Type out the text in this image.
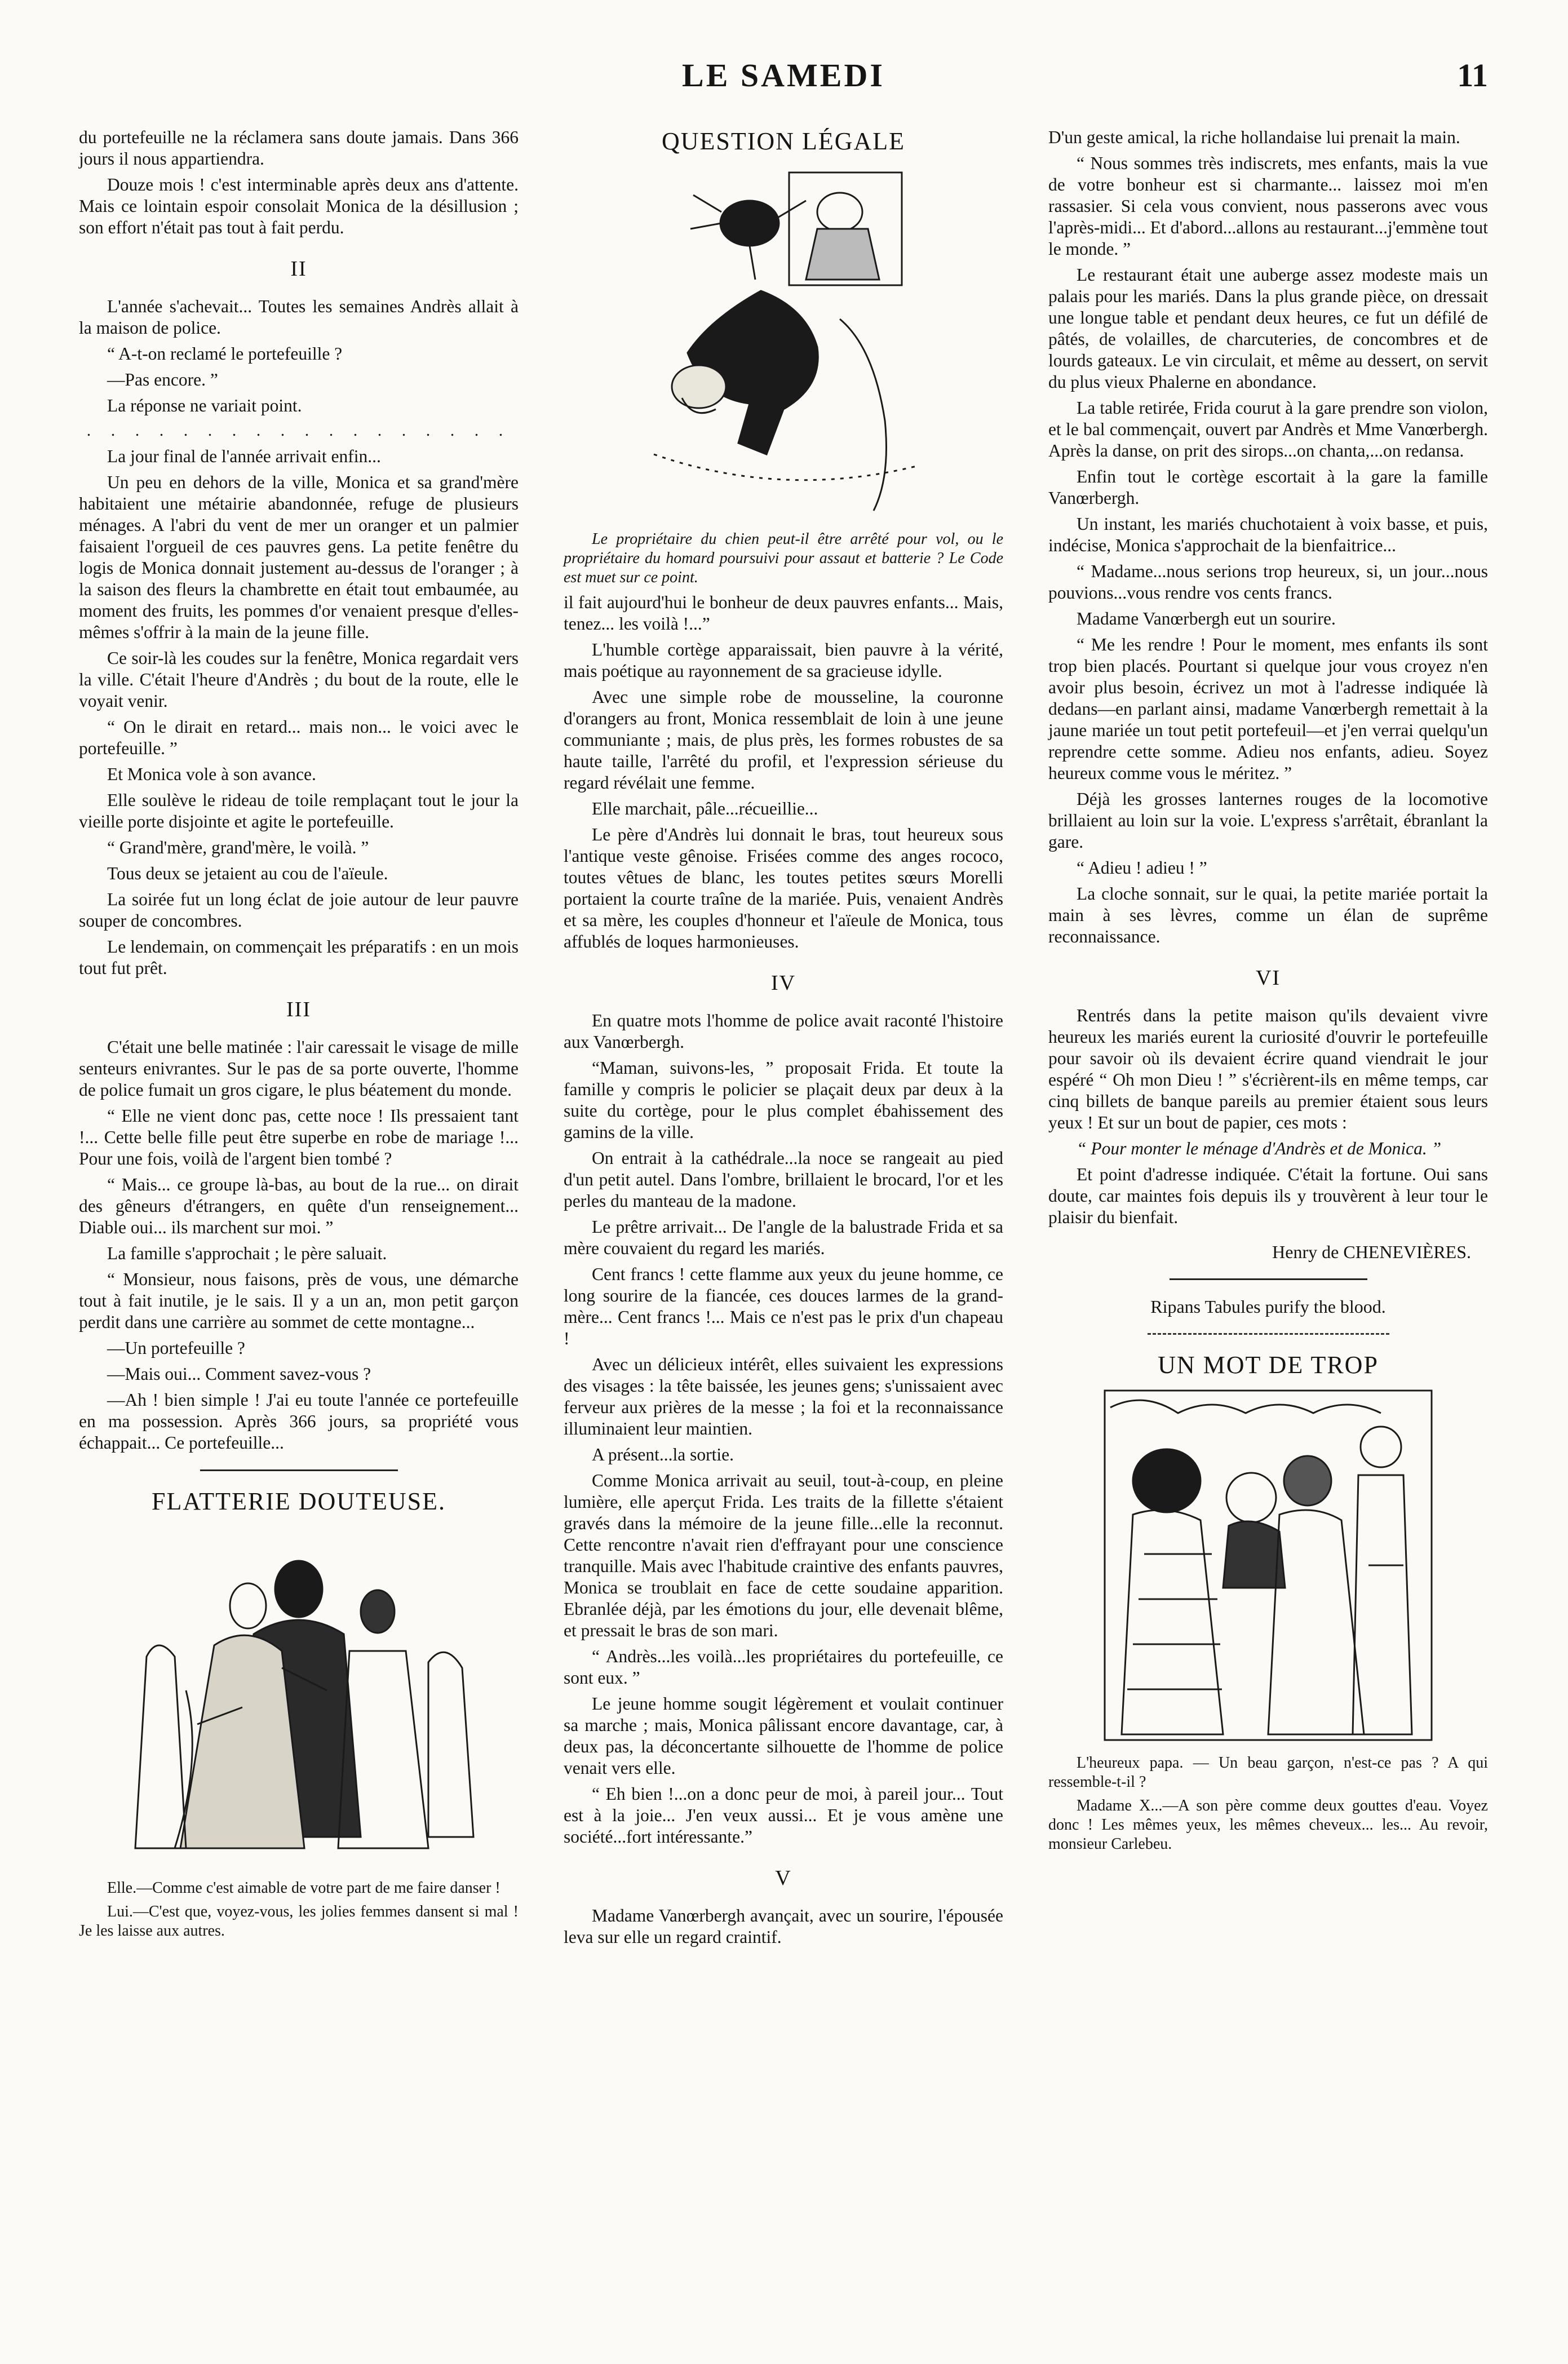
LE SAMEDI	11

du portefeuille ne la réclamera sans doute jamais. Dans 366 jours il nous appartiendra.

Douze mois ! c'est interminable après deux ans d'attente. Mais ce lointain espoir consolait Monica de la désillusion ; son effort n'était pas tout à fait perdu.

II

L'année s'achevait... Toutes les semaines Andrès allait à la maison de police.

“ A-t-on reclamé le portefeuille ?

—Pas encore. ”

La réponse ne variait point.

. . . . . . . . . . . . . . . . . .

La jour final de l'année arrivait enfin...

Un peu en dehors de la ville, Monica et sa grand'mère habitaient une métairie abandonnée, refuge de plusieurs ménages. A l'abri du vent de mer un oranger et un palmier faisaient l'orgueil de ces pauvres gens. La petite fenêtre du logis de Monica donnait justement au-dessus de l'oranger ; à la saison des fleurs la chambrette en était tout embaumée, au moment des fruits, les pommes d'or venaient presque d'elles-mêmes s'offrir à la main de la jeune fille.

Ce soir-là les coudes sur la fenêtre, Monica regardait vers la ville. C'était l'heure d'Andrès ; du bout de la route, elle le voyait venir.

“ On le dirait en retard... mais non... le voici avec le portefeuille. ”

Et Monica vole à son avance.

Elle soulève le rideau de toile remplaçant tout le jour la vieille porte disjointe et agite le portefeuille.

“ Grand'mère, grand'mère, le voilà. ”

Tous deux se jetaient au cou de l'aïeule.

La soirée fut un long éclat de joie autour de leur pauvre souper de concombres.

Le lendemain, on commençait les préparatifs : en un mois tout fut prêt.

III

C'était une belle matinée : l'air caressait le visage de mille senteurs enivrantes. Sur le pas de sa porte ouverte, l'homme de police fumait un gros cigare, le plus béatement du monde.

“ Elle ne vient donc pas, cette noce ! Ils pressaient tant !... Cette belle fille peut être superbe en robe de mariage !... Pour une fois, voilà de l'argent bien tombé ?

“ Mais... ce groupe là-bas, au bout de la rue... on dirait des gêneurs d'étrangers, en quête d'un renseignement... Diable oui... ils marchent sur moi. ”

La famille s'approchait ; le père saluait.

“ Monsieur, nous faisons, près de vous, une démarche tout à fait inutile, je le sais. Il y a un an, mon petit garçon perdit dans une carrière au sommet de cette montagne...

—Un portefeuille ?

—Mais oui... Comment savez-vous ?

—Ah ! bien simple ! J'ai eu toute l'année ce portefeuille en ma possession. Après 366 jours, sa propriété vous échappait... Ce portefeuille...

FLATTERIE DOUTEUSE.

Elle.—Comme c'est aimable de votre part de me faire danser !

Lui.—C'est que, voyez-vous, les jolies femmes dansent si mal ! Je les laisse aux autres.

QUESTION LÉGALE

Le propriétaire du chien peut-il être arrêté pour vol, ou le propriétaire du homard poursuivi pour assaut et batterie ? Le Code est muet sur ce point.

il fait aujourd'hui le bonheur de deux pauvres enfants... Mais, tenez... les voilà !...”

L'humble cortège apparaissait, bien pauvre à la vérité, mais poétique au rayonnement de sa gracieuse idylle.

Avec une simple robe de mousseline, la couronne d'orangers au front, Monica ressemblait de loin à une jeune communiante ; mais, de plus près, les formes robustes de sa haute taille, l'arrêté du profil, et l'expression sérieuse du regard révélait une femme.

Elle marchait, pâle...récueillie...

Le père d'Andrès lui donnait le bras, tout heureux sous l'antique veste gênoise. Frisées comme des anges rococo, toutes vêtues de blanc, les toutes petites sœurs Morelli portaient la courte traîne de la mariée. Puis, venaient Andrès et sa mère, les couples d'honneur et l'aïeule de Monica, tous affublés de loques harmonieuses.

IV

En quatre mots l'homme de police avait raconté l'histoire aux Vanœrbergh.

“Maman, suivons-les, ” proposait Frida. Et toute la famille y compris le policier se plaçait deux par deux à la suite du cortège, pour le plus complet ébahissement des gamins de la ville.

On entrait à la cathédrale...la noce se rangeait au pied d'un petit autel. Dans l'ombre, brillaient le brocard, l'or et les perles du manteau de la madone.

Le prêtre arrivait... De l'angle de la balustrade Frida et sa mère couvaient du regard les mariés.

Cent francs ! cette flamme aux yeux du jeune homme, ce long sourire de la fiancée, ces douces larmes de la grand-mère... Cent francs !... Mais ce n'est pas le prix d'un chapeau !

Avec un délicieux intérêt, elles suivaient les expressions des visages : la tête baissée, les jeunes gens; s'unissaient avec ferveur aux prières de la messe ; la foi et la reconnaissance illuminaient leur maintien.

A présent...la sortie.

Comme Monica arrivait au seuil, tout-à-coup, en pleine lumière, elle aperçut Frida. Les traits de la fillette s'étaient gravés dans la mémoire de la jeune fille...elle la reconnut. Cette rencontre n'avait rien d'effrayant pour une conscience tranquille. Mais avec l'habitude craintive des enfants pauvres, Monica se troublait en face de cette soudaine apparition. Ebranlée déjà, par les émotions du jour, elle devenait blême, et pressait le bras de son mari.

“ Andrès...les voilà...les propriétaires du portefeuille, ce sont eux. ”

Le jeune homme sougit légèrement et voulait continuer sa marche ; mais, Monica pâlissant encore davantage, car, à deux pas, la déconcertante silhouette de l'homme de police venait vers elle.

“ Eh bien !...on a donc peur de moi, à pareil jour... Tout est à la joie... J'en veux aussi... Et je vous amène une société...fort intéressante.”

V

Madame Vanœrbergh avançait, avec un sourire, l'épousée leva sur elle un regard craintif.

D'un geste amical, la riche hollandaise lui prenait la main.

“ Nous sommes très indiscrets, mes enfants, mais la vue de votre bonheur est si charmante... laissez moi m'en rassasier. Si cela vous convient, nous passerons avec vous l'après-midi... Et d'abord...allons au restaurant...j'emmène tout le monde. ”

Le restaurant était une auberge assez modeste mais un palais pour les mariés. Dans la plus grande pièce, on dressait une longue table et pendant deux heures, ce fut un défilé de pâtés, de volailles, de charcuteries, de concombres et de lourds gateaux. Le vin circulait, et même au dessert, on servit du plus vieux Phalerne en abondance.

La table retirée, Frida courut à la gare prendre son violon, et le bal commençait, ouvert par Andrès et Mme Vanœrbergh. Après la danse, on prit des sirops...on chanta,...on redansa.

Enfin tout le cortège escortait à la gare la famille Vanœrbergh.

Un instant, les mariés chuchotaient à voix basse, et puis, indécise, Monica s'approchait de la bienfaitrice...

“ Madame...nous serions trop heureux, si, un jour...nous pouvions...vous rendre vos cents francs.

Madame Vanœrbergh eut un sourire.

“ Me les rendre ! Pour le moment, mes enfants ils sont trop bien placés. Pourtant si quelque jour vous croyez n'en avoir plus besoin, écrivez un mot à l'adresse indiquée là dedans—en parlant ainsi, madame Vanœrbergh remettait à la jaune mariée un tout petit portefeuil—et j'en verrai quelqu'un reprendre cette somme. Adieu nos enfants, adieu. Soyez heureux comme vous le méritez. ”

Déjà les grosses lanternes rouges de la locomotive brillaient au loin sur la voie. L'express s'arrêtait, ébranlant la gare.

“ Adieu ! adieu ! ”

La cloche sonnait, sur le quai, la petite mariée portait la main à ses lèvres, comme un élan de suprême reconnaissance.

VI

Rentrés dans la petite maison qu'ils devaient vivre heureux les mariés eurent la curiosité d'ouvrir le portefeuille pour savoir où ils devaient écrire quand viendrait le jour espéré “ Oh mon Dieu ! ” s'écrièrent-ils en même temps, car cinq billets de banque pareils au premier étaient sous leurs yeux ! Et sur un bout de papier, ces mots :

“ Pour monter le ménage d'Andrès et de Monica. ”

Et point d'adresse indiquée. C'était la fortune. Oui sans doute, car maintes fois depuis ils y trouvèrent à leur tour le plaisir du bienfait.

Henry de CHENEVIÈRES.

Ripans Tabules purify the blood.

UN MOT DE TROP

L'heureux papa. — Un beau garçon, n'est-ce pas ? A qui ressemble-t-il ?

Madame X...—A son père comme deux gouttes d'eau. Voyez donc ! Les mêmes yeux, les mêmes cheveux... les... Au revoir, monsieur Carlebeu.
